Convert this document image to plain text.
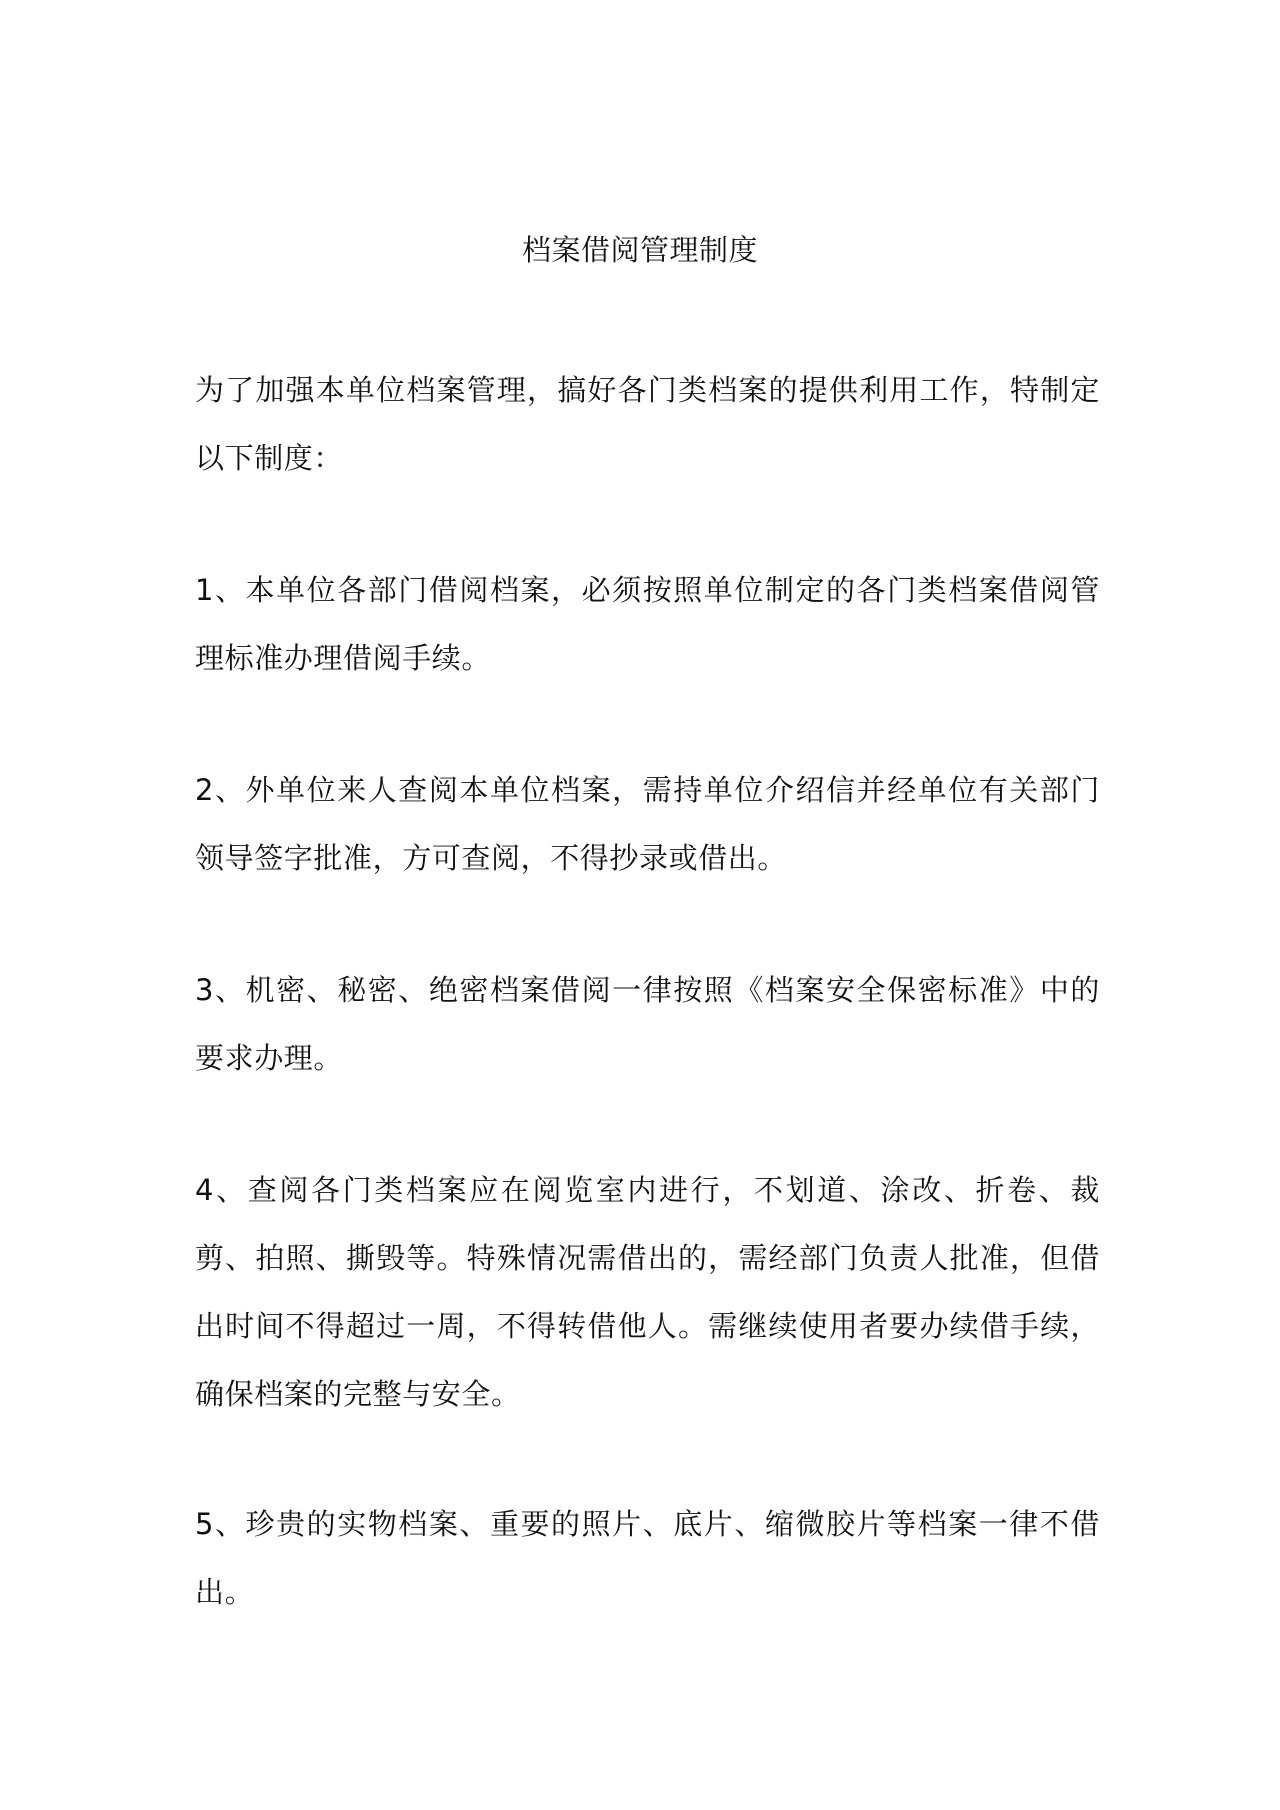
档案借阅管理制度
为了加强本单位档案管理，搞好各门类档案的提供利用工作，特制定以下制度：
1、本单位各部门借阅档案，必须按照单位制定的各门类档案借阅管理标准办理借阅手续。
2、外单位来人查阅本单位档案，需持单位介绍信并经单位有关部门领导签字批准，方可查阅，不得抄录或借出。
3、机密、秘密、绝密档案借阅一律按照《档案安全保密标准》中的要求办理。
4、查阅各门类档案应在阅览室内进行，不划道、涂改、折卷、裁剪、拍照、撕毁等。特殊情况需借出的，需经部门负责人批准，但借出时间不得超过一周，不得转借他人。需继续使用者要办续借手续，确保档案的完整与安全。
5、珍贵的实物档案、重要的照片、底片、缩微胶片等档案一律不借出。
